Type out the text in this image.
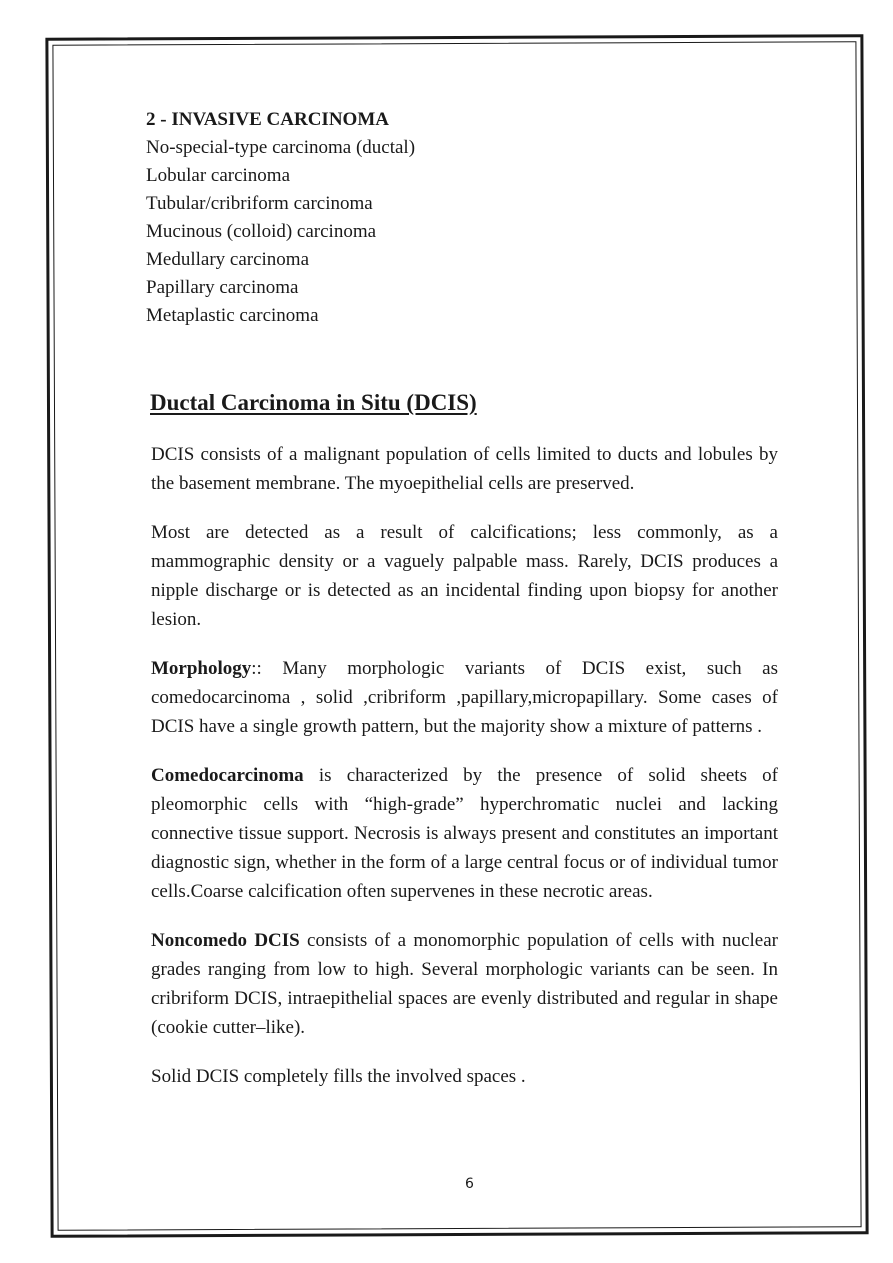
2 - INVASIVE CARCINOMA

No-special-type carcinoma (ductal)

Lobular carcinoma

Tubular/cribriform carcinoma

Mucinous (colloid) carcinoma

Medullary carcinoma

Papillary carcinoma

Metaplastic carcinoma

Ductal Carcinoma in Situ (DCIS)

DCIS consists of a malignant population of cells limited to ducts and lobules by the basement membrane. The myoepithelial cells are preserved.

Most are detected as a result of calcifications; less commonly, as a mammographic density or a vaguely palpable mass. Rarely, DCIS produces a nipple discharge or is detected as an incidental finding upon biopsy for another lesion.

Morphology:: Many morphologic variants of DCIS exist, such as comedocarcinoma , solid ,cribriform ,papillary,micropapillary. Some cases of DCIS have a single growth pattern, but the majority show a mixture of patterns .

Comedocarcinoma is characterized by the presence of solid sheets of pleomorphic cells with “high-grade” hyperchromatic nuclei and lacking connective tissue support. Necrosis is always present and constitutes an important diagnostic sign, whether in the form of a large central focus or of individual tumor cells.Coarse calcification often supervenes in these necrotic areas.

Noncomedo DCIS consists of a monomorphic population of cells with nuclear grades ranging from low to high. Several morphologic variants can be seen. In cribriform DCIS, intraepithelial spaces are evenly distributed and regular in shape (cookie cutter–like).

Solid DCIS completely fills the involved spaces .

6
